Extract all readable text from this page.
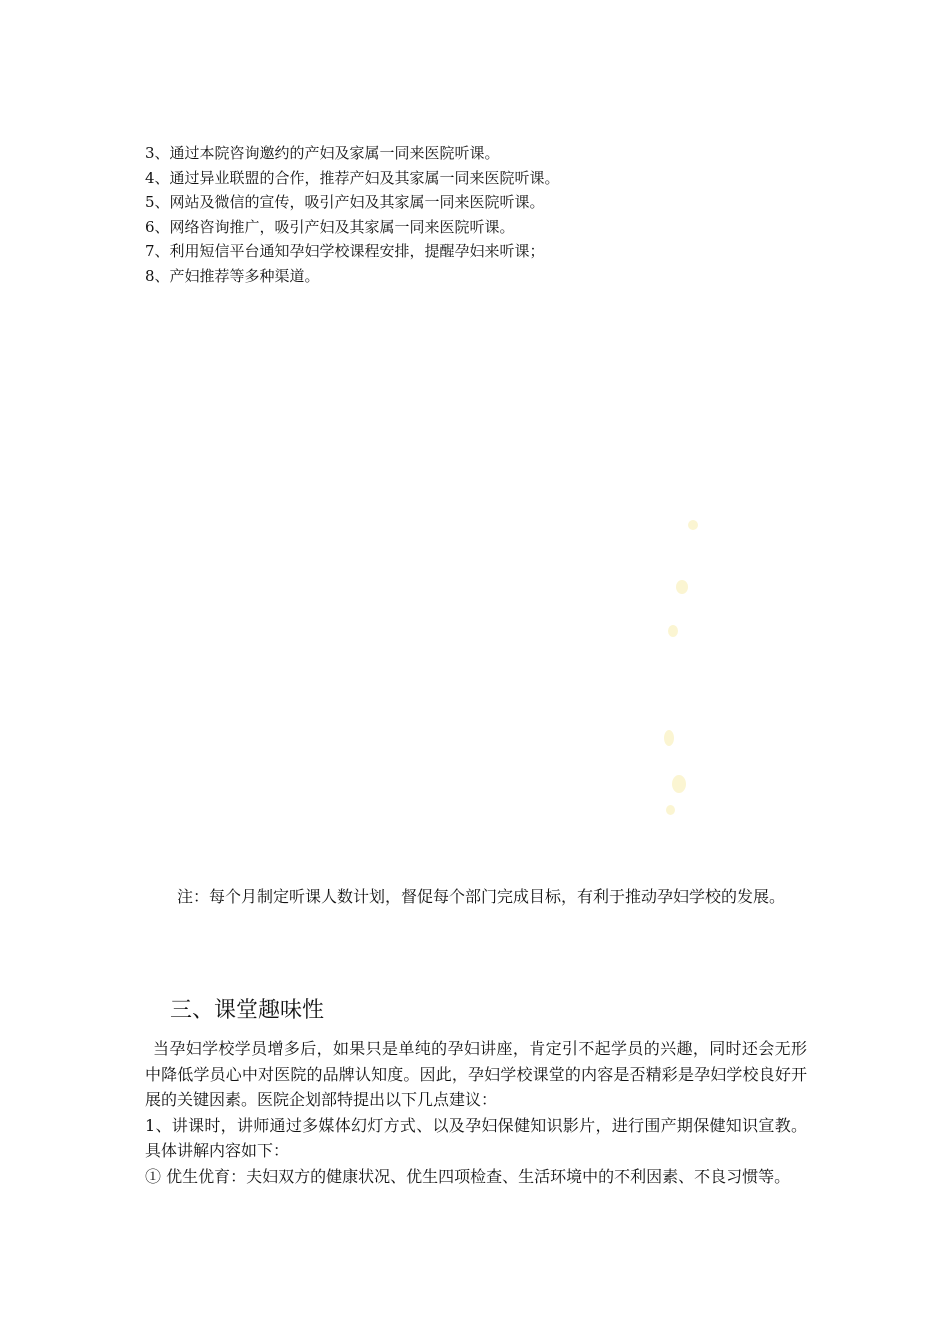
3、通过本院咨询邀约的产妇及家属一同来医院听课。
4、通过异业联盟的合作，推荐产妇及其家属一同来医院听课。
5、网站及微信的宣传，吸引产妇及其家属一同来医院听课。
6、网络咨询推广，吸引产妇及其家属一同来医院听课。
7、利用短信平台通知孕妇学校课程安排，提醒孕妇来听课；
8、产妇推荐等多种渠道。

注：每个月制定听课人数计划，督促每个部门完成目标，有利于推动孕妇学校的发展。

三、课堂趣味性

当孕妇学校学员增多后，如果只是单纯的孕妇讲座，肯定引不起学员的兴趣，同时还会无形中降低学员心中对医院的品牌认知度。因此，孕妇学校课堂的内容是否精彩是孕妇学校良好开展的关键因素。医院企划部特提出以下几点建议：

1、讲课时，讲师通过多媒体幻灯方式、以及孕妇保健知识影片，进行围产期保健知识宣教。具体讲解内容如下：

① 优生优育：夫妇双方的健康状况、优生四项检查、生活环境中的不利因素、不良习惯等。
